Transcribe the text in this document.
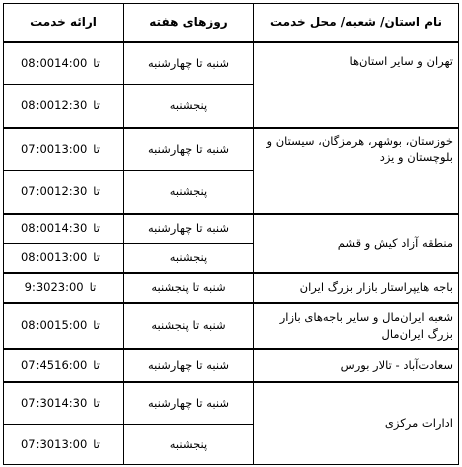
نام استان/ شعبه/ محل خدمت	روزهای هفته	ارائه خدمت
تهران و سایر استان‌ها	شنبه تا چهارشنبه	08:00 تا14:00
	پنجشنبه	08:00 تا12:30
خوزستان، بوشهر، هرمزگان، سیستان و بلوچستان و یزد	شنبه تا چهارشنبه	07:00 تا13:00
	پنجشنبه	07:00 تا12:30
منطقه آزاد کیش و قشم	شنبه تا چهارشنبه	08:00 تا14:30
	پنجشنبه	08:00 تا13:00
باجه هایپراستار بازار بزرگ ایران	شنبه تا پنجشنبه	9:30 تا23:00
شعبه ایران‌مال و سایر باجه‌های بازار بزرگ ایران‌مال	شنبه تا پنجشنبه	08:00 تا15:00
سعادت‌آباد - تالار بورس	شنبه تا چهارشنبه	07:45 تا16:00
ادارات مرکزی	شنبه تا چهارشنبه	07:30 تا14:30
	پنجشنبه	07:30 تا13:00
